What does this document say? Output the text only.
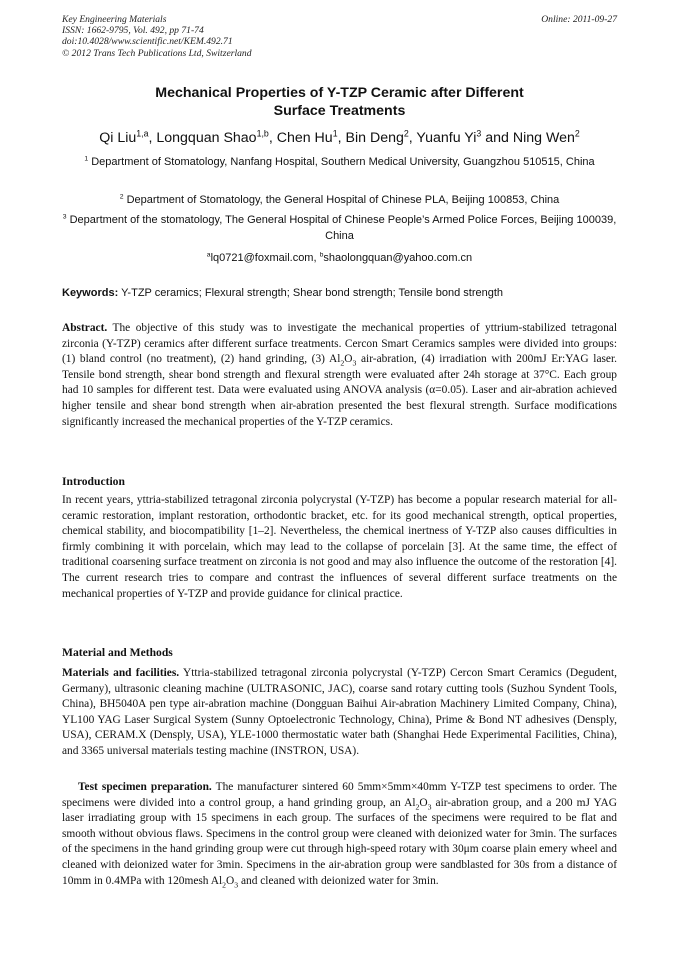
Key Engineering Materials
ISSN: 1662-9795, Vol. 492, pp 71-74
doi:10.4028/www.scientific.net/KEM.492.71
© 2012 Trans Tech Publications Ltd, Switzerland
Online: 2011-09-27
Mechanical Properties of Y-TZP Ceramic after Different
Surface Treatments
Qi Liu$^{1,a}$, Longquan Shao$^{1,b}$, Chen Hu$^1$, Bin Deng$^2$, Yuanfu Yi$^3$ and Ning Wen$^2$
$^1$ Department of Stomatology, Nanfang Hospital, Southern Medical University, Guangzhou 510515, China
$^2$ Department of Stomatology, the General Hospital of Chinese PLA, Beijing 100853, China
$^3$ Department of the stomatology, The General Hospital of Chinese People’s Armed Police Forces, Beijing 100039, China
$^a$lq0721@foxmail.com, $^b$shaolongquan@yahoo.com.cn
Keywords: Y-TZP ceramics; Flexural strength; Shear bond strength; Tensile bond strength
Abstract. The objective of this study was to investigate the mechanical properties of yttrium-stabilized tetragonal zirconia (Y-TZP) ceramics after different surface treatments. Cercon Smart Ceramics samples were divided into groups: (1) bland control (no treatment), (2) hand grinding, (3) $Al_2O_3$ air-abration, (4) irradiation with 200mJ Er:YAG laser. Tensile bond strength, shear bond strength and flexural strength were evaluated after 24h storage at 37°C. Each group had 10 samples for different test. Data were evaluated using ANOVA analysis (α=0.05). Laser and air-abration achieved higher tensile and shear bond strength when air-abration presented the best flexural strength. Surface modifications significantly increased the mechanical properties of the Y-TZP ceramics.
Introduction
In recent years, yttria-stabilized tetragonal zirconia polycrystal (Y-TZP) has become a popular research material for all-ceramic restoration, implant restoration, orthodontic bracket, etc. for its good mechanical strength, optical properties, chemical stability, and biocompatibility [1–2]. Nevertheless, the chemical inertness of Y-TZP also causes difficulties in firmly combining it with porcelain, which may lead to the collapse of porcelain [3]. At the same time, the effect of traditional coarsening surface treatment on zirconia is not good and may also influence the outcome of the restoration [4]. The current research tries to compare and contrast the influences of several different surface treatments on the mechanical properties of Y-TZP and provide guidance for clinical practice.
Material and Methods
Materials and facilities. Yttria-stabilized tetragonal zirconia polycrystal (Y-TZP) Cercon Smart Ceramics (Degudent, Germany), ultrasonic cleaning machine (ULTRASONIC, JAC), coarse sand rotary cutting tools (Suzhou Syndent Tools, China), BH5040A pen type air-abration machine (Dongguan Baihui Air-abration Machinery Limited Company, China), YL100 YAG Laser Surgical System (Sunny Optoelectronic Technology, China), Prime & Bond NT adhesives (Densply, USA), CERAM.X (Densply, USA), YLE-1000 thermostatic water bath (Shanghai Hede Experimental Facilities, China), and 3365 universal materials testing machine (INSTRON, USA).
Test specimen preparation. The manufacturer sintered 60 5mm×5mm×40mm Y-TZP test specimens to order. The specimens were divided into a control group, a hand grinding group, an $Al_2O_3$ air-abration group, and a 200 mJ YAG laser irradiating group with 15 specimens in each group. The surfaces of the specimens were required to be flat and smooth without obvious flaws. Specimens in the control group were cleaned with deionized water for 3min. The surfaces of the specimens in the hand grinding group were cut through high-speed rotary with 30μm coarse plain emery wheel and cleaned with deionized water for 3min. Specimens in the air-abration group were sandblasted for 30s from a distance of 10mm in 0.4MPa with 120mesh $Al_2O_3$ and cleaned with deionized water for 3min.
